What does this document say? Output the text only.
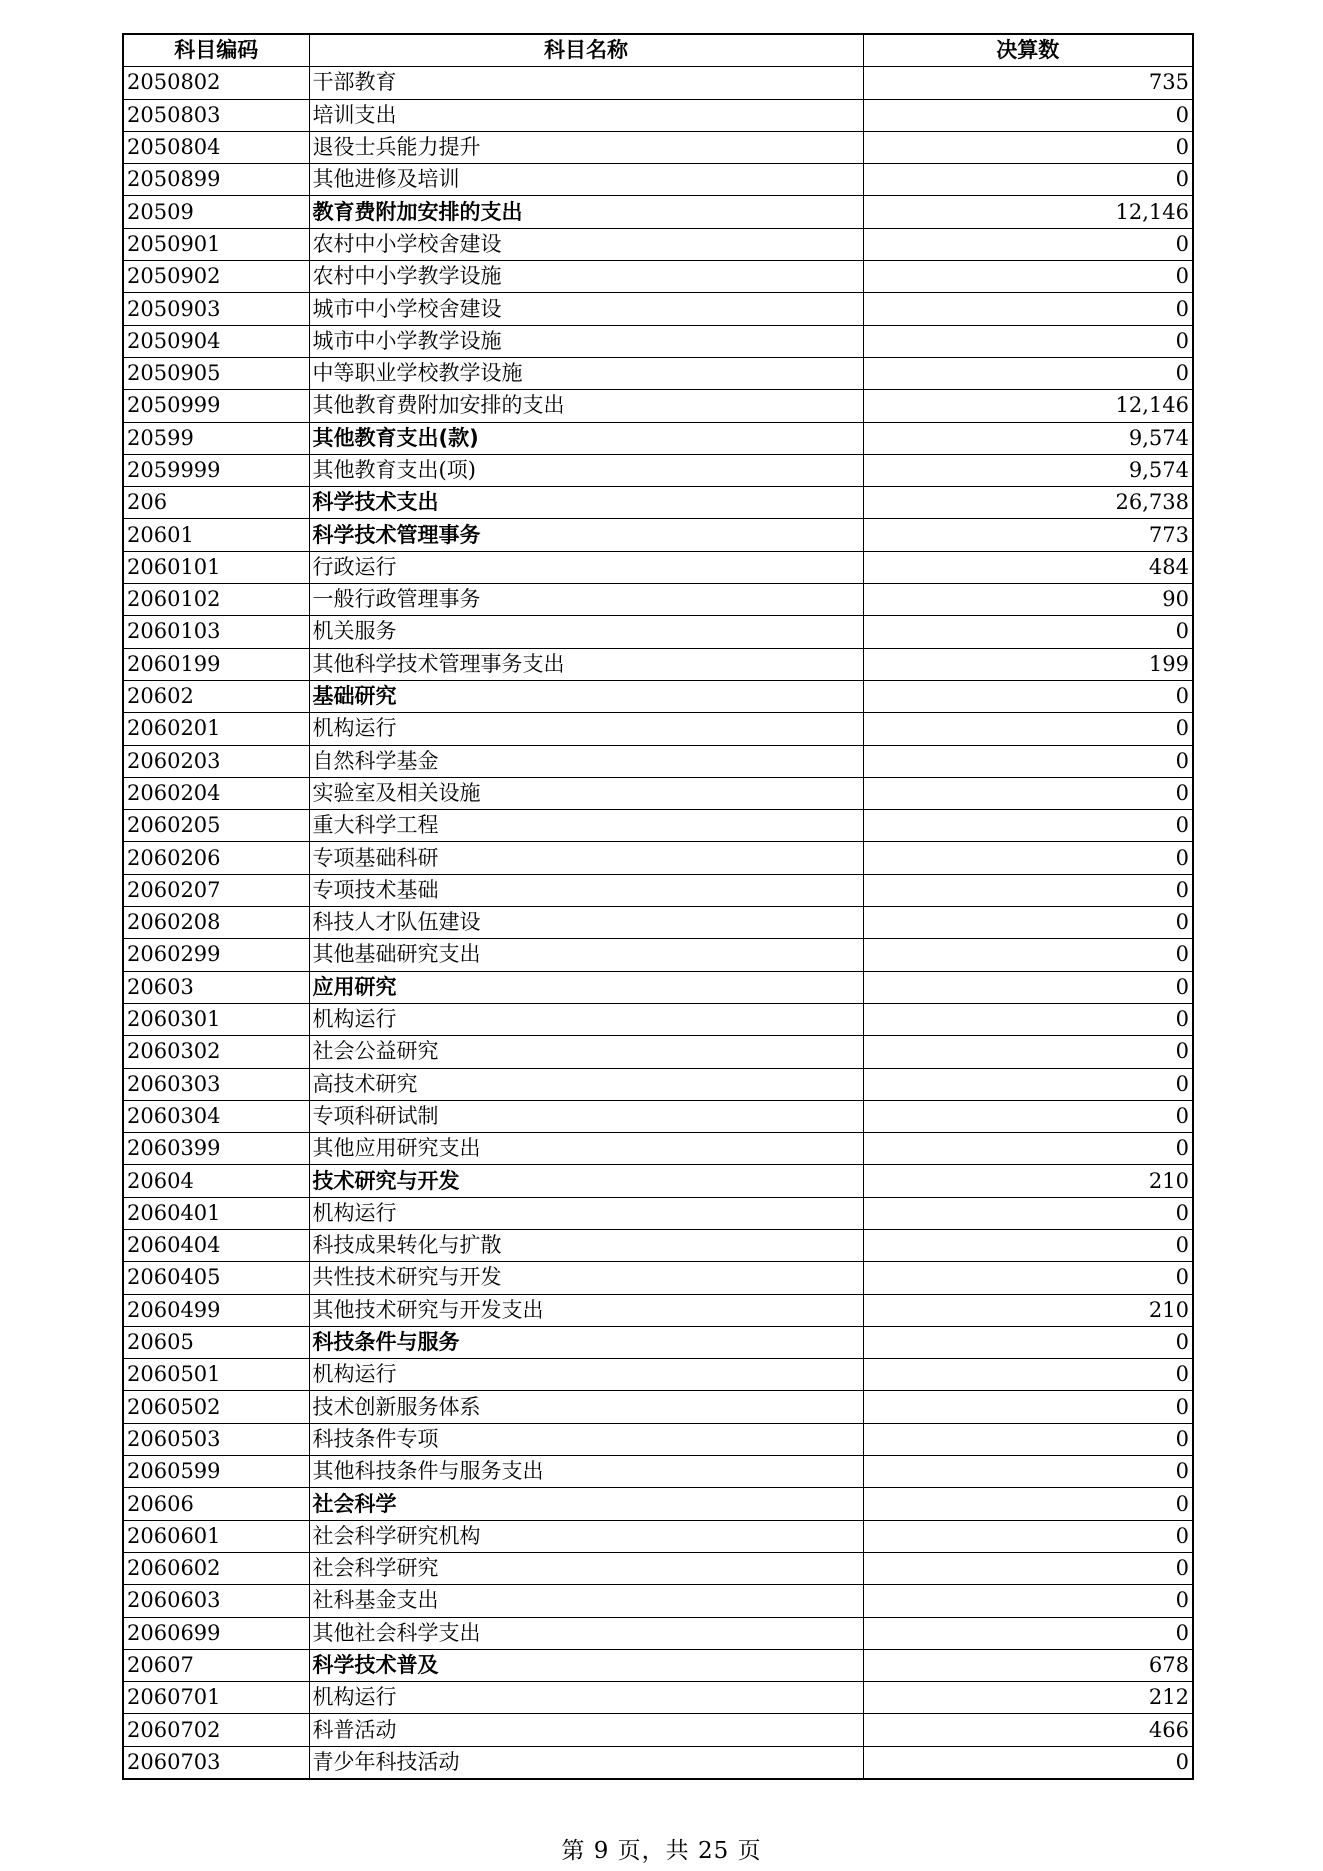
科目编码	科目名称	决算数
2050802	干部教育	735
2050803	培训支出	0
2050804	退役士兵能力提升	0
2050899	其他进修及培训	0
20509	教育费附加安排的支出	12,146
2050901	农村中小学校舍建设	0
2050902	农村中小学教学设施	0
2050903	城市中小学校舍建设	0
2050904	城市中小学教学设施	0
2050905	中等职业学校教学设施	0
2050999	其他教育费附加安排的支出	12,146
20599	其他教育支出(款)	9,574
2059999	其他教育支出(项)	9,574
206	科学技术支出	26,738
20601	科学技术管理事务	773
2060101	行政运行	484
2060102	一般行政管理事务	90
2060103	机关服务	0
2060199	其他科学技术管理事务支出	199
20602	基础研究	0
2060201	机构运行	0
2060203	自然科学基金	0
2060204	实验室及相关设施	0
2060205	重大科学工程	0
2060206	专项基础科研	0
2060207	专项技术基础	0
2060208	科技人才队伍建设	0
2060299	其他基础研究支出	0
20603	应用研究	0
2060301	机构运行	0
2060302	社会公益研究	0
2060303	高技术研究	0
2060304	专项科研试制	0
2060399	其他应用研究支出	0
20604	技术研究与开发	210
2060401	机构运行	0
2060404	科技成果转化与扩散	0
2060405	共性技术研究与开发	0
2060499	其他技术研究与开发支出	210
20605	科技条件与服务	0
2060501	机构运行	0
2060502	技术创新服务体系	0
2060503	科技条件专项	0
2060599	其他科技条件与服务支出	0
20606	社会科学	0
2060601	社会科学研究机构	0
2060602	社会科学研究	0
2060603	社科基金支出	0
2060699	其他社会科学支出	0
20607	科学技术普及	678
2060701	机构运行	212
2060702	科普活动	466
2060703	青少年科技活动	0
第 9 页，共 25 页
